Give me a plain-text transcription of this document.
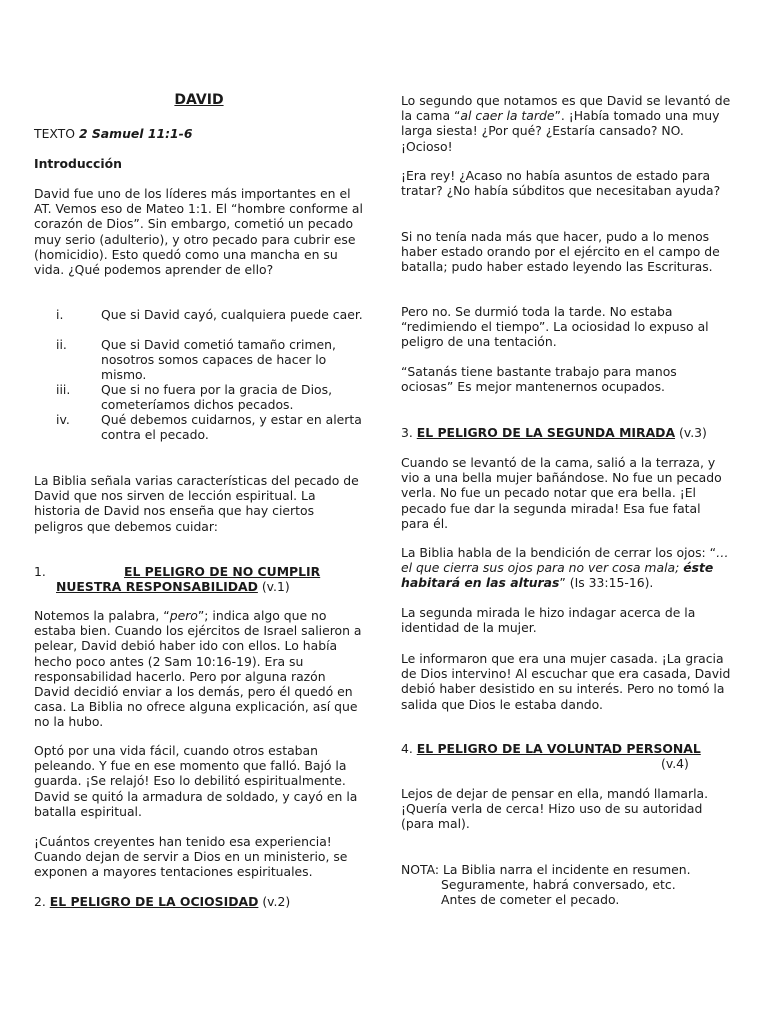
DAVID

TEXTO 2 Samuel 11:1-6

Introducción

David fue uno de los líderes más importantes en el AT. Vemos eso de Mateo 1:1. El “hombre conforme al corazón de Dios”. Sin embargo, cometió un pecado muy serio (adulterio), y otro pecado para cubrir ese (homicidio). Esto quedó como una mancha en su vida. ¿Qué podemos aprender de ello?

i.	Que si David cayó, cualquiera puede caer.
ii.	Que si David cometió tamaño crimen, nosotros somos capaces de hacer lo mismo.
iii.	Que si no fuera por la gracia de Dios, cometeríamos dichos pecados.
iv.	Qué debemos cuidarnos, y estar en alerta contra el pecado.

La Biblia señala varias características del pecado de David que nos sirven de lección espiritual. La historia de David nos enseña que hay ciertos peligros que debemos cuidar:

1.	EL PELIGRO DE NO CUMPLIR
NUESTRA RESPONSABILIDAD (v.1)

Notemos la palabra, “pero”; indica algo que no estaba bien. Cuando los ejércitos de Israel salieron a pelear, David debió haber ido con ellos. Lo había hecho poco antes (2 Sam 10:16-19). Era su responsabilidad hacerlo. Pero por alguna razón David decidió enviar a los demás, pero él quedó en casa. La Biblia no ofrece alguna explicación, así que no la hubo.

Optó por una vida fácil, cuando otros estaban peleando. Y fue en ese momento que falló. Bajó la guarda. ¡Se relajó! Eso lo debilitó espiritualmente. David se quitó la armadura de soldado, y cayó en la batalla espiritual.

¡Cuántos creyentes han tenido esa experiencia! Cuando dejan de servir a Dios en un ministerio, se exponen a mayores tentaciones espirituales.

2. EL PELIGRO DE LA OCIOSIDAD (v.2)

Lo segundo que notamos es que David se levantó de la cama “al caer la tarde”. ¡Había tomado una muy larga siesta! ¿Por qué? ¿Estaría cansado? NO. ¡Ocioso!

¡Era rey! ¿Acaso no había asuntos de estado para tratar? ¿No había súbditos que necesitaban ayuda?

Si no tenía nada más que hacer, pudo a lo menos haber estado orando por el ejército en el campo de batalla; pudo haber estado leyendo las Escrituras.

Pero no. Se durmió toda la tarde. No estaba “redimiendo el tiempo”. La ociosidad lo expuso al peligro de una tentación.

“Satanás tiene bastante trabajo para manos ociosas” Es mejor mantenernos ocupados.

3. EL PELIGRO DE LA SEGUNDA MIRADA (v.3)

Cuando se levantó de la cama, salió a la terraza, y vio a una bella mujer bañándose. No fue un pecado verla. No fue un pecado notar que era bella. ¡El pecado fue dar la segunda mirada! Esa fue fatal para él.

La Biblia habla de la bendición de cerrar los ojos: “…el que cierra sus ojos para no ver cosa mala; éste habitará en las alturas” (Is 33:15-16).

La segunda mirada le hizo indagar acerca de la identidad de la mujer.

Le informaron que era una mujer casada. ¡La gracia de Dios intervino! Al escuchar que era casada, David debió haber desistido en su interés. Pero no tomó la salida que Dios le estaba dando.

4. EL PELIGRO DE LA VOLUNTAD PERSONAL
(v.4)

Lejos de dejar de pensar en ella, mandó llamarla. ¡Quería verla de cerca! Hizo uso de su autoridad (para mal).

NOTA: La Biblia narra el incidente en resumen.
Seguramente, habrá conversado, etc.
Antes de cometer el pecado.
